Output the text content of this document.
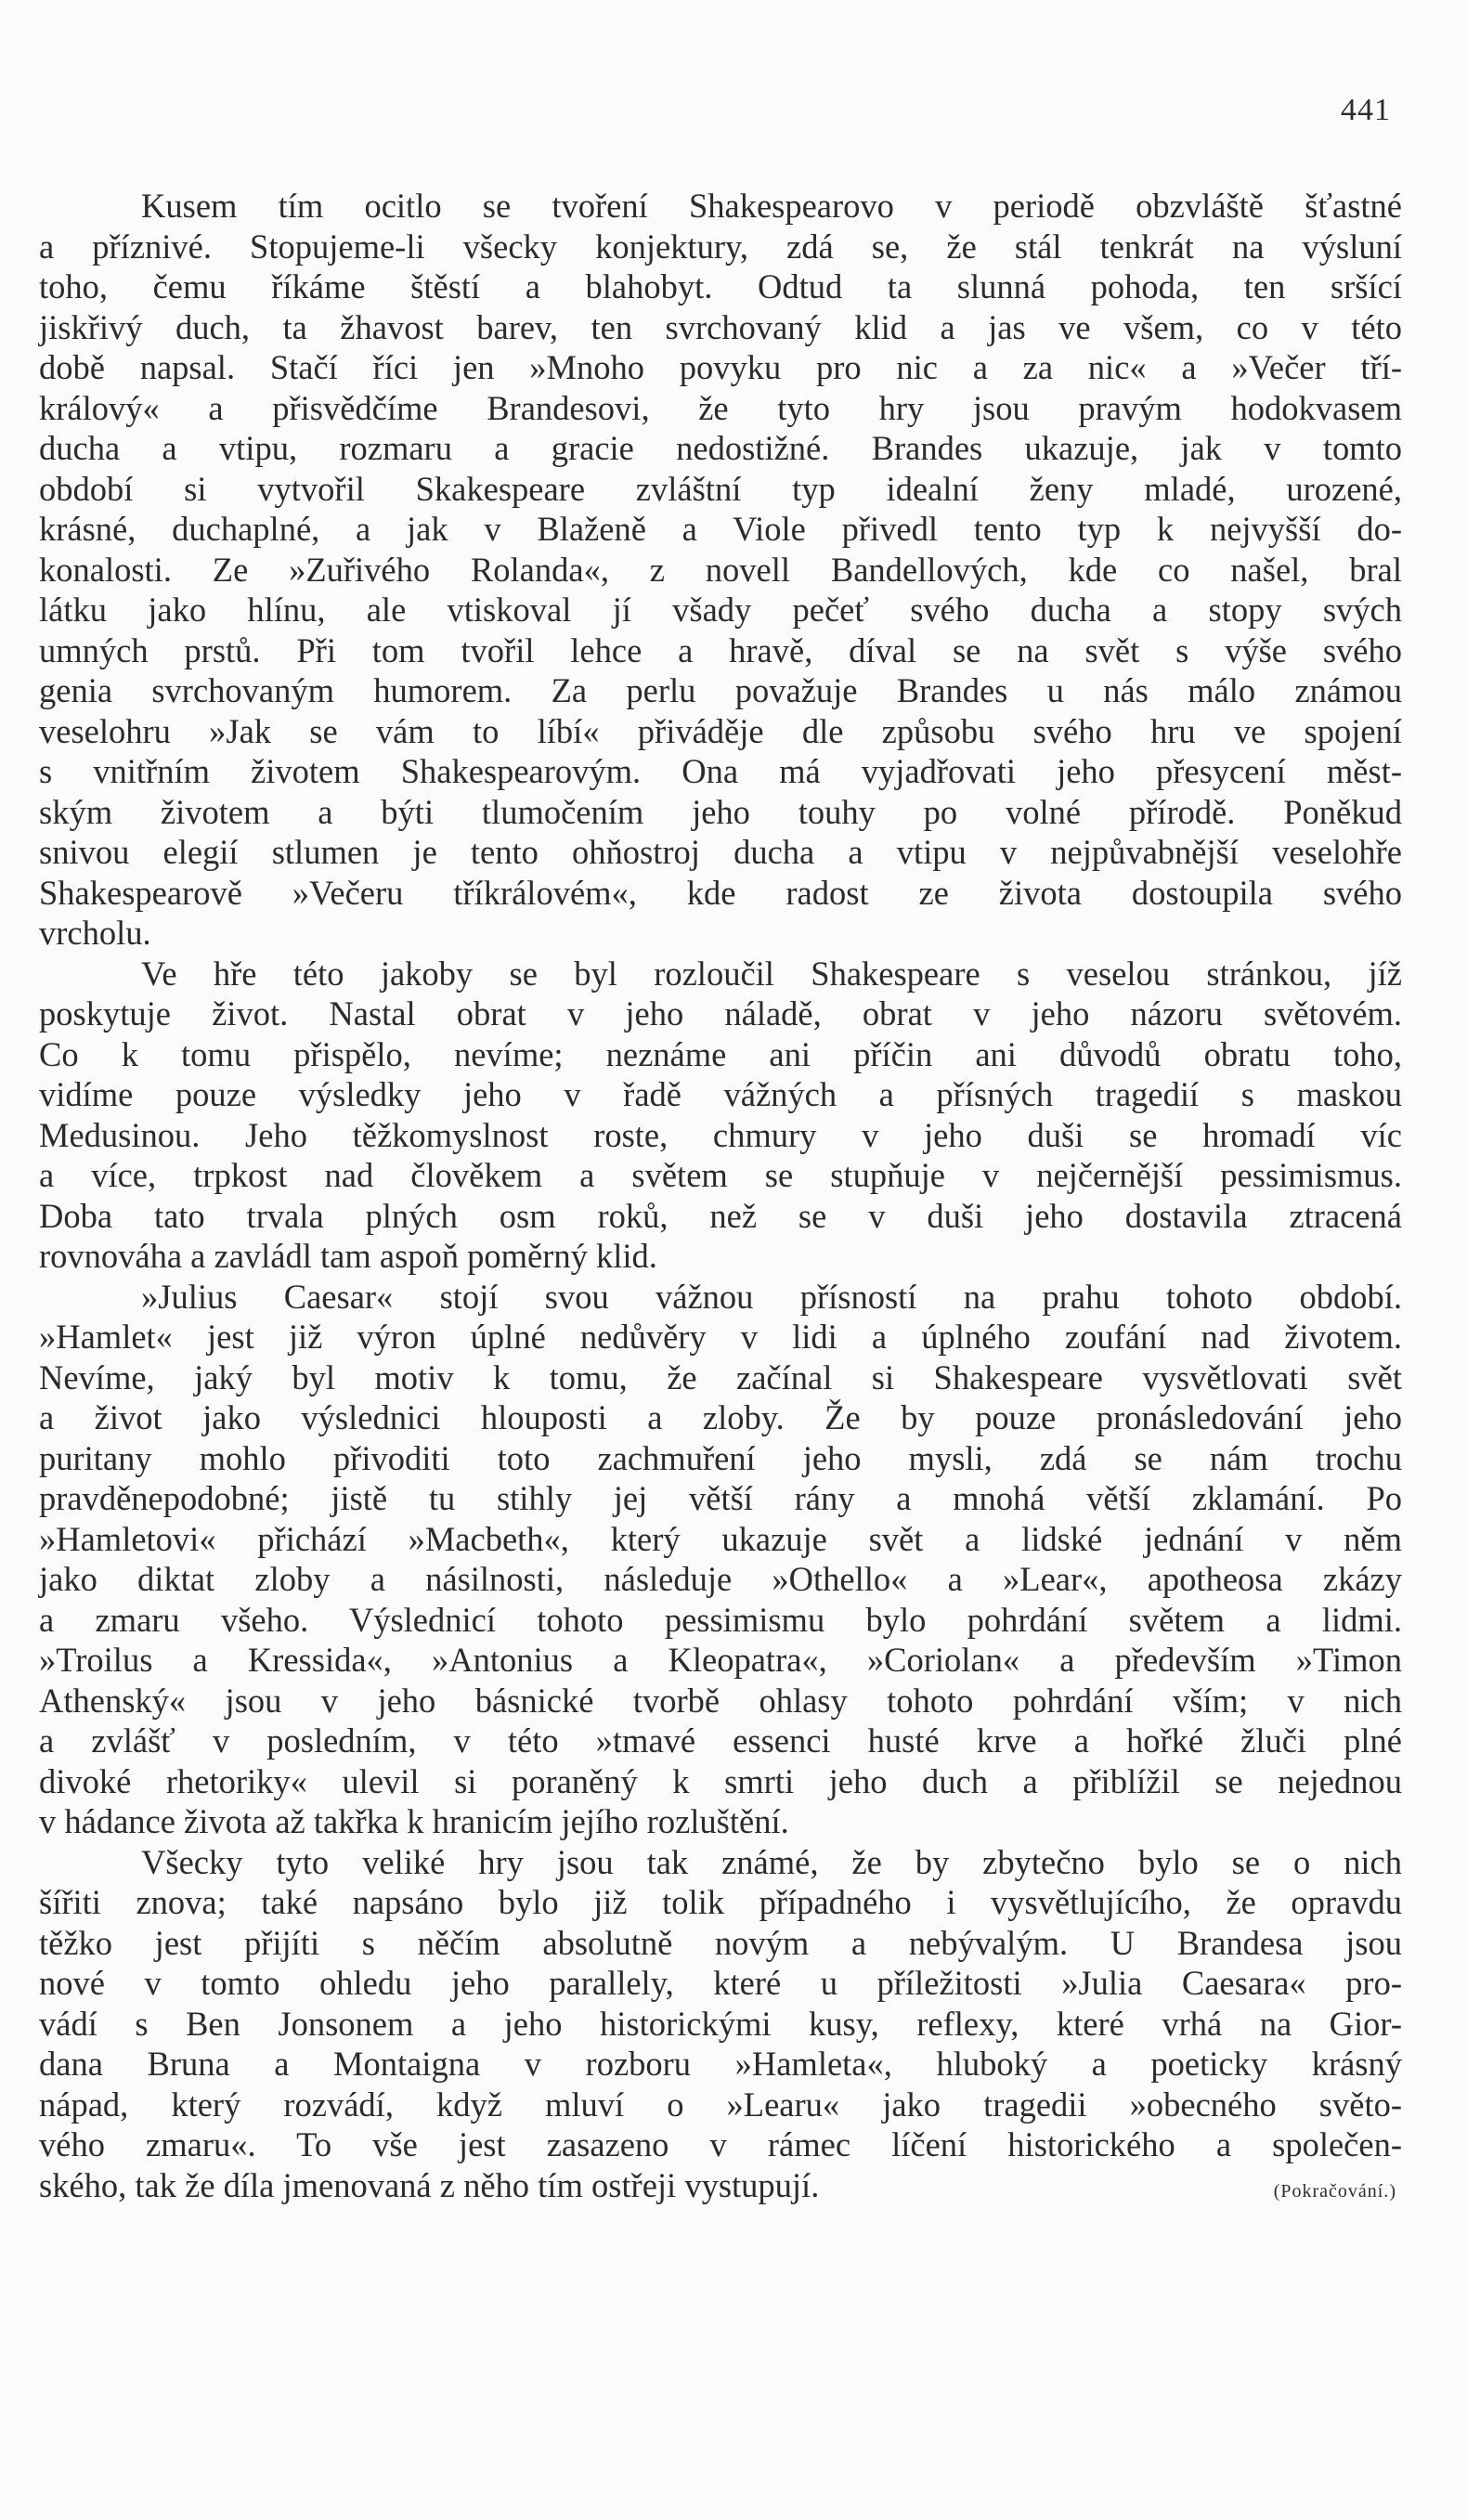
441
Kusem tím ocitlo se tvoření Shakespearovo v periodě obzvláště šťastné
a příznivé. Stopujeme-li všecky konjektury, zdá se, že stál tenkrát na výsluní
toho, čemu říkáme štěstí a blahobyt. Odtud ta slunná pohoda, ten sršící
jiskřivý duch, ta žhavost barev, ten svrchovaný klid a jas ve všem, co v této
době napsal. Stačí říci jen »Mnoho povyku pro nic a za nic« a »Večer tří-
králový« a přisvědčíme Brandesovi, že tyto hry jsou pravým hodokvasem
ducha a vtipu, rozmaru a gracie nedostižné. Brandes ukazuje, jak v tomto
období si vytvořil Skakespeare zvláštní typ idealní ženy mladé, urozené,
krásné, duchaplné, a jak v Blaženě a Viole přivedl tento typ k nejvyšší do-
konalosti. Ze »Zuřivého Rolanda«, z novell Bandellových, kde co našel, bral
látku jako hlínu, ale vtiskoval jí všady pečeť svého ducha a stopy svých
umných prstů. Při tom tvořil lehce a hravě, díval se na svět s výše svého
genia svrchovaným humorem. Za perlu považuje Brandes u nás málo známou
veselohru »Jak se vám to líbí« přiváděje dle způsobu svého hru ve spojení
s vnitřním životem Shakespearovým. Ona má vyjadřovati jeho přesycení měst-
ským životem a býti tlumočením jeho touhy po volné přírodě. Poněkud
snivou elegií stlumen je tento ohňostroj ducha a vtipu v nejpůvabnější veselohře
Shakespearově »Večeru tříkrálovém«, kde radost ze života dostoupila svého
vrcholu.
Ve hře této jakoby se byl rozloučil Shakespeare s veselou stránkou, jíž
poskytuje život. Nastal obrat v jeho náladě, obrat v jeho názoru světovém.
Co k tomu přispělo, nevíme; neznáme ani příčin ani důvodů obratu toho,
vidíme pouze výsledky jeho v řadě vážných a přísných tragedií s maskou
Medusinou. Jeho těžkomyslnost roste, chmury v jeho duši se hromadí víc
a více, trpkost nad člověkem a světem se stupňuje v nejčernější pessimismus.
Doba tato trvala plných osm roků, než se v duši jeho dostavila ztracená
rovnováha a zavládl tam aspoň poměrný klid.
»Julius Caesar« stojí svou vážnou přísností na prahu tohoto období.
»Hamlet« jest již výron úplné nedůvěry v lidi a úplného zoufání nad životem.
Nevíme, jaký byl motiv k tomu, že začínal si Shakespeare vysvětlovati svět
a život jako výslednici hlouposti a zloby. Že by pouze pronásledování jeho
puritany mohlo přivoditi toto zachmuření jeho mysli, zdá se nám trochu
pravděnepodobné; jistě tu stihly jej větší rány a mnohá větší zklamání. Po
»Hamletovi« přichází »Macbeth«, který ukazuje svět a lidské jednání v něm
jako diktat zloby a násilnosti, následuje »Othello« a »Lear«, apotheosa zkázy
a zmaru všeho. Výslednicí tohoto pessimismu bylo pohrdání světem a lidmi.
»Troilus a Kressida«, »Antonius a Kleopatra«, »Coriolan« a především »Timon
Athenský« jsou v jeho básnické tvorbě ohlasy tohoto pohrdání vším; v nich
a zvlášť v posledním, v této »tmavé essenci husté krve a hořké žluči plné
divoké rhetoriky« ulevil si poraněný k smrti jeho duch a přiblížil se nejednou
v hádance života až takřka k hranicím jejího rozluštění.
Všecky tyto veliké hry jsou tak známé, že by zbytečno bylo se o nich
šířiti znova; také napsáno bylo již tolik případného i vysvětlujícího, že opravdu
těžko jest přijíti s něčím absolutně novým a nebývalým. U Brandesa jsou
nové v tomto ohledu jeho parallely, které u příležitosti »Julia Caesara« pro-
vádí s Ben Jonsonem a jeho historickými kusy, reflexy, které vrhá na Gior-
dana Bruna a Montaigna v rozboru »Hamleta«, hluboký a poeticky krásný
nápad, který rozvádí, když mluví o »Learu« jako tragedii »obecného světo-
vého zmaru«. To vše jest zasazeno v rámec líčení historického a společen-
ského, tak že díla jmenovaná z něho tím ostřeji vystupují.	(Pokračování.)
